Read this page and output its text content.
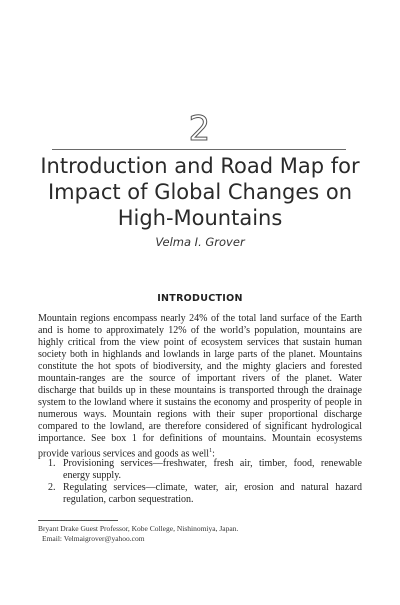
2
Introduction and Road Map for
Impact of Global Changes on
High-Mountains
Velma I. Grover
INTRODUCTION

Mountain regions encompass nearly 24% of the total land surface of the Earth and is home to approximately 12% of the world’s population, mountains are highly critical from the view point of ecosystem services that sustain human society both in highlands and lowlands in large parts of the planet. Mountains constitute the hot spots of biodiversity, and the mighty glaciers and forested mountain-ranges are the source of important rivers of the planet. Water discharge that builds up in these mountains is transported through the drainage system to the lowland where it sustains the economy and prosperity of people in numerous ways. Mountain regions with their super proportional discharge compared to the lowland, are therefore considered of significant hydrological importance. See box 1 for definitions of mountains. Mountain ecosystems provide various services and goods as well$^1$:

1. Provisioning services—freshwater, fresh air, timber, food, renewable energy supply.
2. Regulating services—climate, water, air, erosion and natural hazard regulation, carbon sequestration.
Bryant Drake Guest Professor, Kobe College, Nishinomiya, Japan.
Email: Velmaigrover@yahoo.com
